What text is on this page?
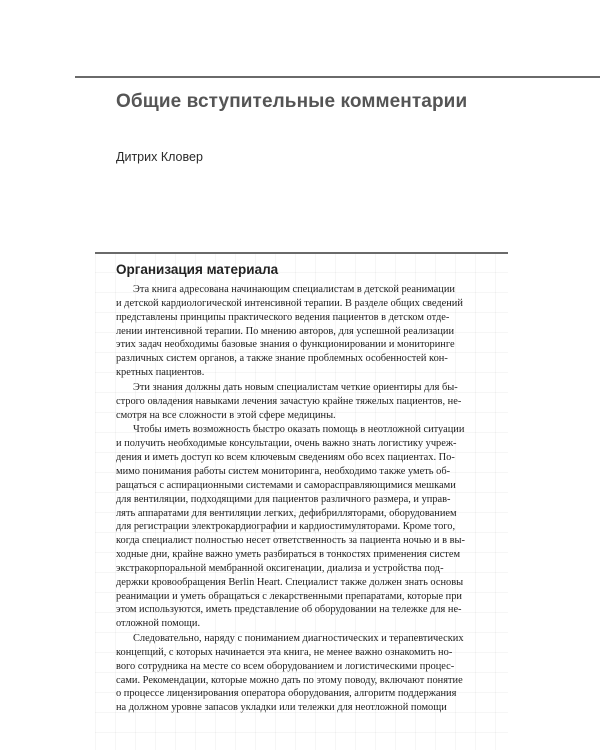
Общие вступительные комментарии

Дитрих Кловер

Организация материала

Эта книга адресована начинающим специалистам в детской реанимации
и детской кардиологической интенсивной терапии. В разделе общих сведений
представлены принципы практического ведения пациентов в детском отде-
лении интенсивной терапии. По мнению авторов, для успешной реализации
этих задач необходимы базовые знания о функционировании и мониторинге
различных систем органов, а также знание проблемных особенностей кон-
кретных пациентов.

Эти знания должны дать новым специалистам четкие ориентиры для бы-
строго овладения навыками лечения зачастую крайне тяжелых пациентов, не-
смотря на все сложности в этой сфере медицины.

Чтобы иметь возможность быстро оказать помощь в неотложной ситуации
и получить необходимые консультации, очень важно знать логистику учреж-
дения и иметь доступ ко всем ключевым сведениям обо всех пациентах. По-
мимо понимания работы систем мониторинга, необходимо также уметь об-
ращаться с аспирационными системами и саморасправляющимися мешками
для вентиляции, подходящими для пациентов различного размера, и управ-
лять аппаратами для вентиляции легких, дефибрилляторами, оборудованием
для регистрации электрокардиографии и кардиостимуляторами. Кроме того,
когда специалист полностью несет ответственность за пациента ночью и в вы-
ходные дни, крайне важно уметь разбираться в тонкостях применения систем
экстракорпоральной мембранной оксигенации, диализа и устройства под-
держки кровообращения Berlin Heart. Специалист также должен знать основы
реанимации и уметь обращаться с лекарственными препаратами, которые при
этом используются, иметь представление об оборудовании на тележке для не-
отложной помощи.

Следовательно, наряду с пониманием диагностических и терапевтических
концепций, с которых начинается эта книга, не менее важно ознакомить но-
вого сотрудника на месте со всем оборудованием и логистическими процес-
сами. Рекомендации, которые можно дать по этому поводу, включают понятие
о процессе лицензирования оператора оборудования, алгоритм поддержания
на должном уровне запасов укладки или тележки для неотложной помощи
